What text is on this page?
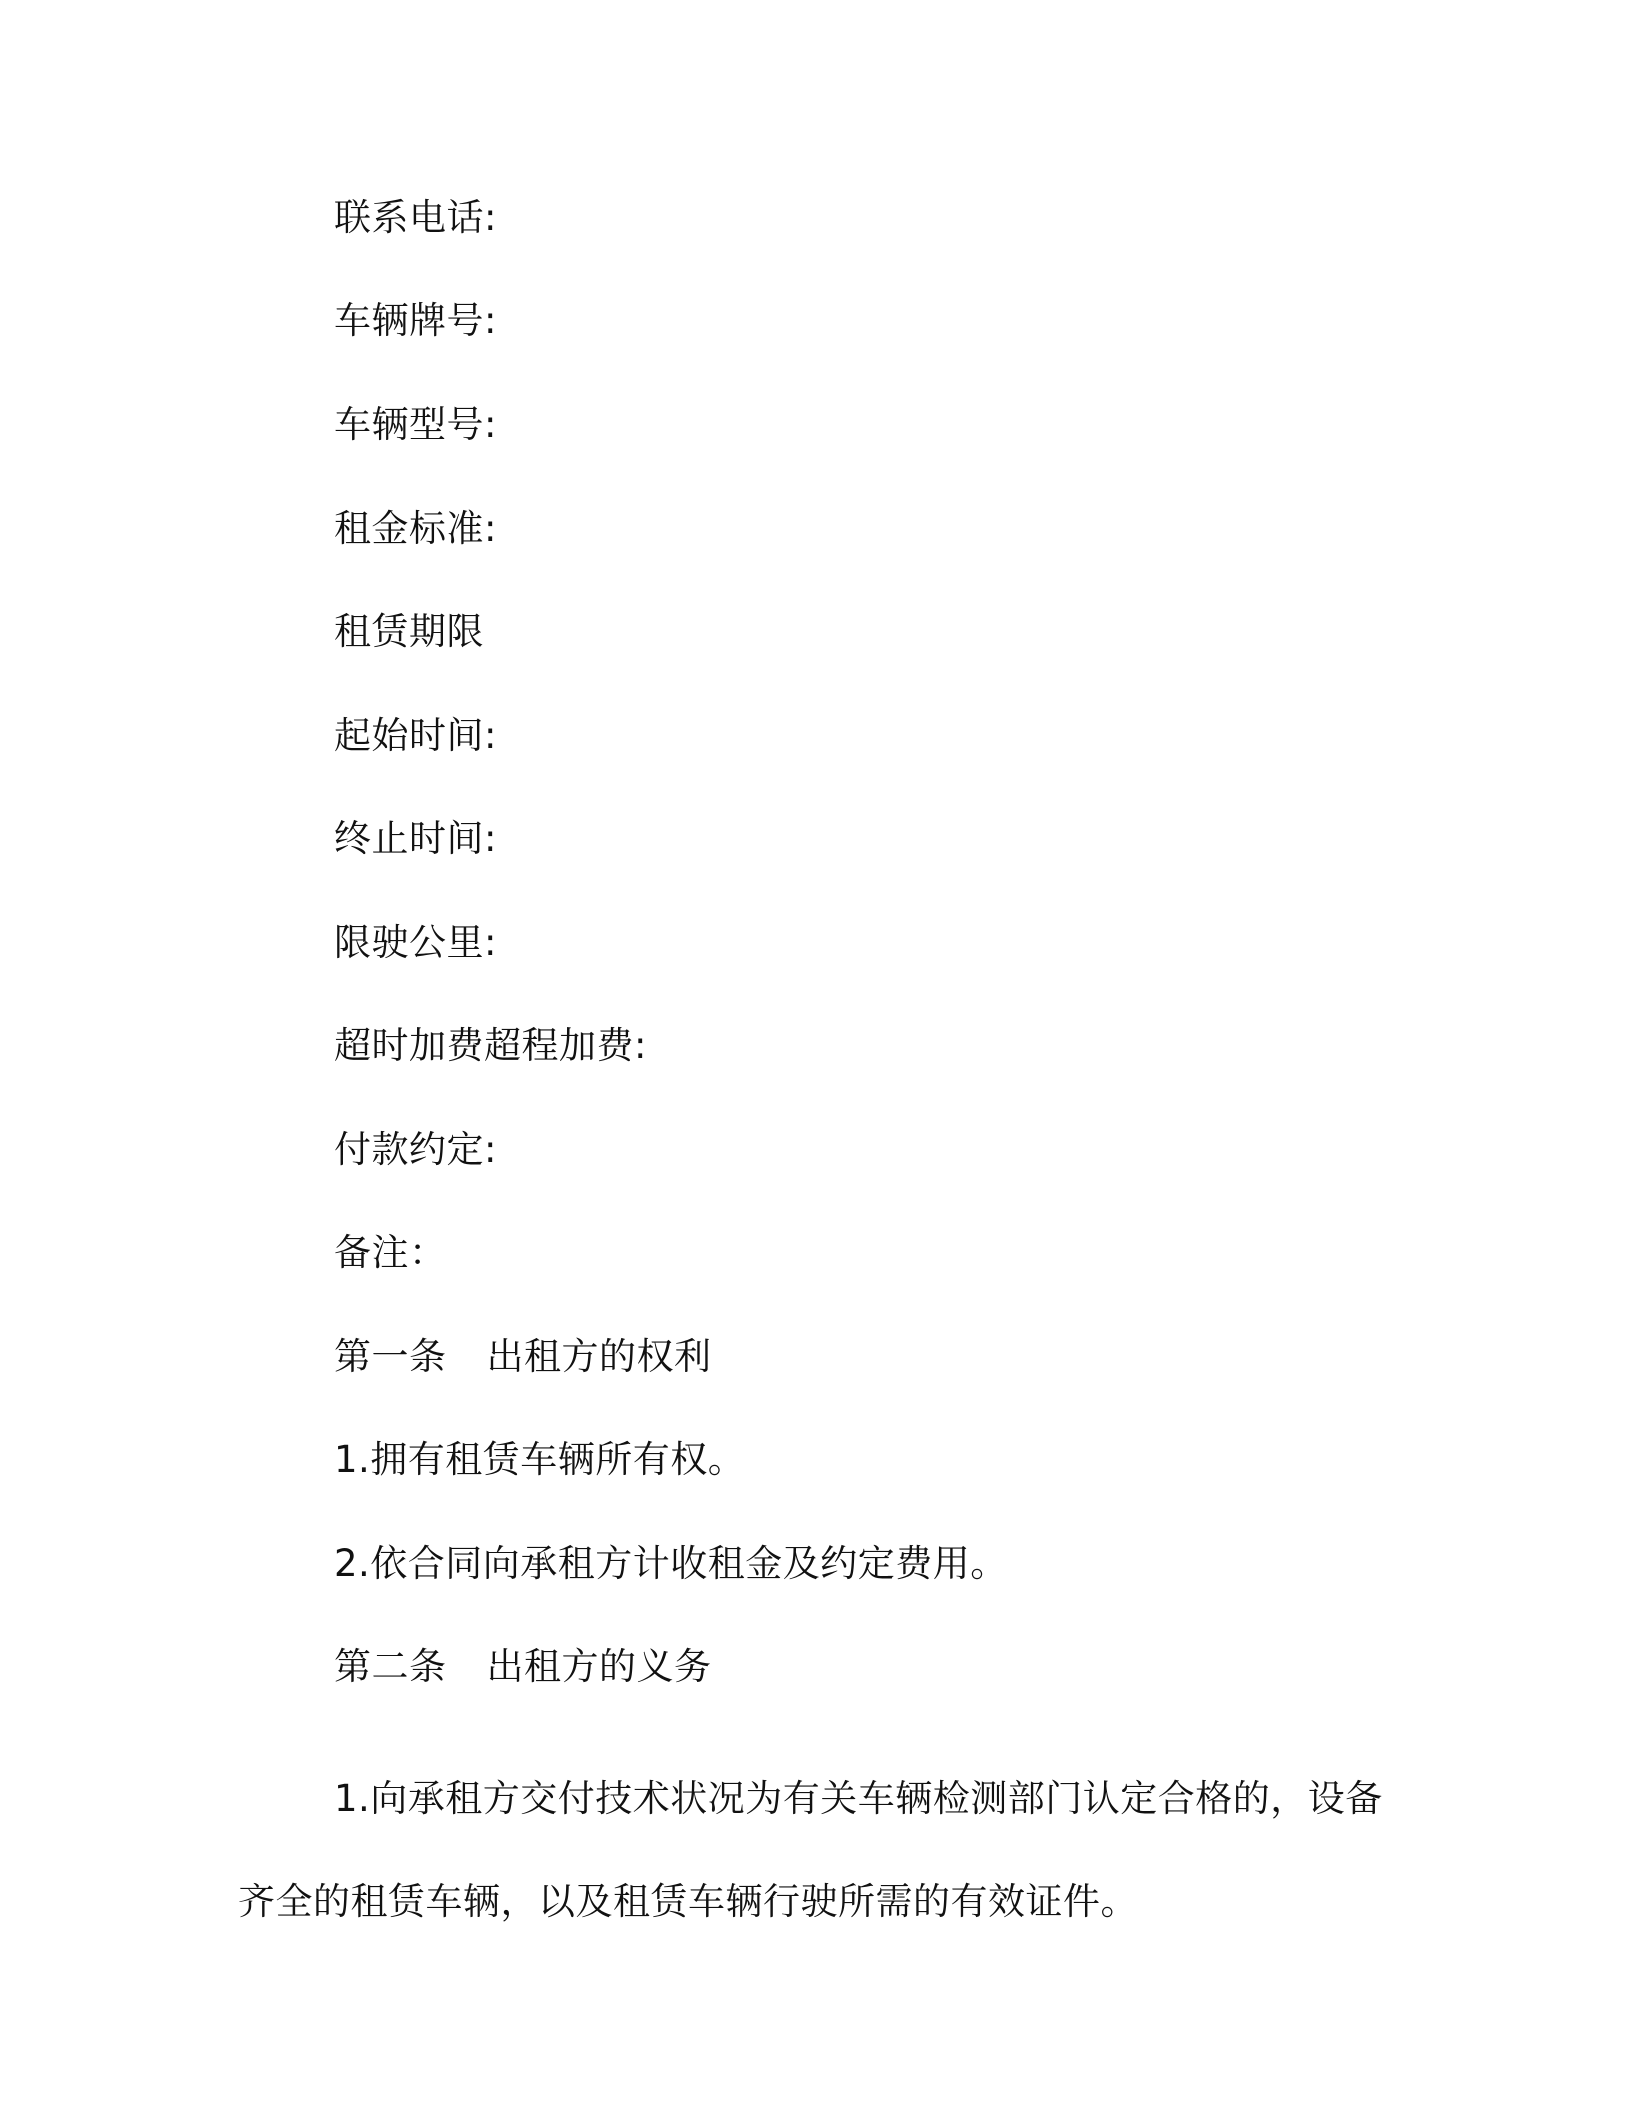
联系电话:
车辆牌号:
车辆型号:
租金标准:
租赁期限
起始时间:
终止时间:
限驶公里:
超时加费超程加费:
付款约定:
备注：
第一条 出租方的权利
1.拥有租赁车辆所有权。
2.依合同向承租方计收租金及约定费用。
第二条 出租方的义务
1.向承租方交付技术状况为有关车辆检测部门认定合格的，设备齐全的租赁车辆，以及租赁车辆行驶所需的有效证件。
